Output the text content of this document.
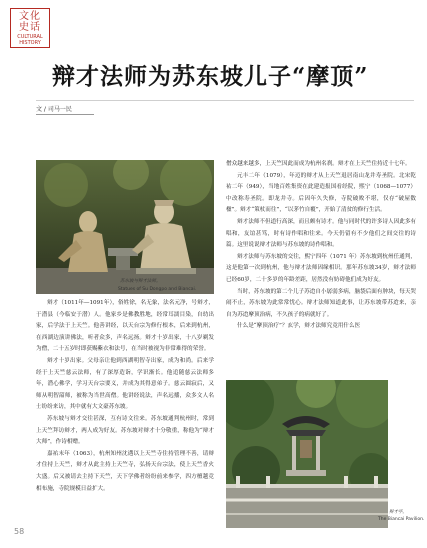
文化 史话
CULTURAL HISTORY
辩才法师为苏东坡儿子“摩顶”
文 / 司马一民
苏东坡与辩才法师。
Statues of Su Dongpo and Biancai.

辩才（1011年—1091年），俗姓徐，名无象，法名元净，号辩才，于潜县（今临安于潜）人。他家乡是佛教胜地，经常耳濡目染，自幼出家，后学法于上天竺。他善讲经，以天台宗为修行根本，后来到杭州，在西湖边演讲佛法，听者众多，声名远扬。辩才十岁出家，十八岁剃发为僧，二十五岁时即获赐紫衣和法号，在当时被视为非常难得的荣誉。

辩才十岁出家。父母亲让他到西湖明智寺出家，成为和尚。后来学经于上天竺慈云法师，有了深厚造诣，学识渐长。他追随慈云法师多年，潜心佛学，学习天台宗要义，并成为其得意弟子。慈云圆寂后，又师从明智韶师，被称为当世高僧。他讲经说法，声名远播，众多文人名士纷纷来访，其中就有大文豪苏东坡。

苏东坡与辩才交往甚深，互有诗文往来。苏东坡通判杭州时，常到上天竺拜访辩才，两人成为好友。苏东坡对辩才十分敬重，称他为“辩才大师”，作诗相赠。

嘉祐末年（1063），杭州知州沈遘以上天竺寺住持管理不善，请辩才住持上天竺，辩才从此主持上天竺寺，弘扬天台宗法，使上天竺香火大盛。后又被请去主持下天竺，天下学佛者纷纷前来参学，四方檀越竞相布施，寺院规模日益扩大。

僧众越来越多，上天竺因此而成为杭州名刹。辩才在上天竺住持近十七年。

元丰二年（1079），年迈的辩才从上天竺退居南山龙井寿圣院。北宋乾祐二年（949），当地百姓集资在此建造报国看经院，熙宁（1068—1077）中改称寿圣院。即龙井寺。后因年久失修，寺院破败不堪，仅存“破屋数楹”。辩才“策杖而往”，“以茅竹自覆”，开始了清贫的修行生活。

辩才法师不但道行高深，而且颇有诗才。他与同时代的许多诗人因此多有唱和，友谊甚笃，时有诗作唱和往来。今天仍留有不少他们之间交往的诗篇。这里说说辩才法师与苏东坡的诗作唱和。

辩才法师与苏东坡的交往，熙宁四年（1071 年）苏东坡到杭州任通判，这是他第一次到杭州，他与辩才法师因缘相识。那年苏东坡34岁，辩才法师已经60岁，二十多岁的年龄差距，居然没有妨碍他们成为好友。

当时，苏东坡的第二个儿子苏迨自小孱弱多病，脑袋后面有肿块，每天哭闹不止，苏东坡为此常常忧心。辩才法师知道此事，让苏东坡带苏迨来，亲自为苏迨摩顶治病，不久孩子的病就好了。

什么是“摩顶治疗”？玄学，辩才法师究竟用什么医

辩才亭。
The Biancai Pavilion.
58
